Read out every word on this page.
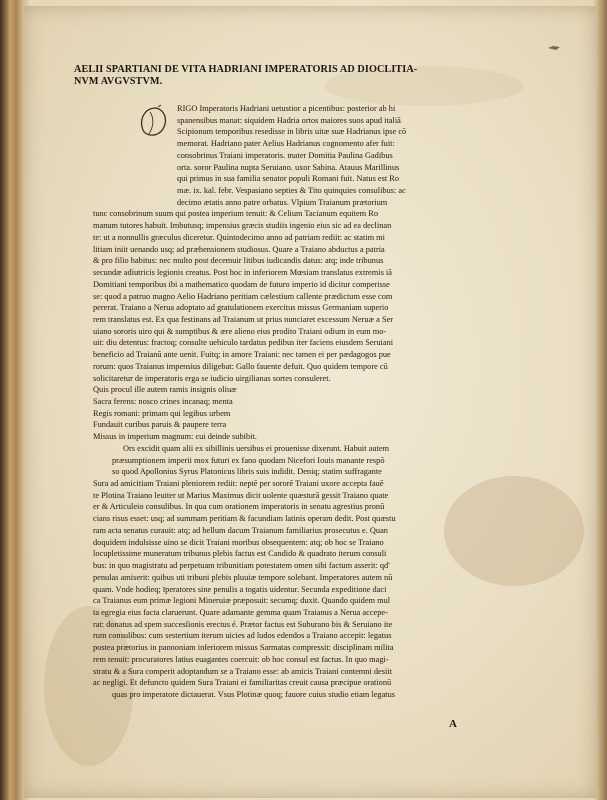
AELII SPARTIANI DE VITA HADRIANI IMPERATORIS AD DIOCLITIA-
NVM AVGVSTVM.
RIGO Imperatoris Hadriani uetustior a picentibus: posterior ab hi
spanensibus manat: siquidem Hadria ortos maiores suos apud italiā
Scipionum temporibus resedisse in libris uitæ suæ Hadrianus ipse cō
memorat. Hadriano pater Aelius Hadrianus cognomento afer fuit:
consobrinus Traiani imperatoris. mater Domitia Paulina Gadibus
orta. soror Paulina nupta Seruiano. uxor Sabina. Atauus Marillinus
qui primus in sua familia senator populi Romani fuit. Natus est Ro
mæ. ix. kal. febr. Vespasiano septies & Tito quinquies consulibus: ac
decimo ætatis anno patre orbatus. Vlpium Traianum prætorium
tunc consobrinum suum qui postea imperium tenuit: & Celium Tacianum equitem Ro
manum tutores habuit. Imbutusq; impensius græcis studiis ingenio eius sic ad ea declinan
te: ut a nonnullis græculus diceretur. Quintodecimo anno ad patriam rediit: ac statim mi
litiam iniit uenando usq; ad præhensionem studiosus. Quare a Traiano abductus a patria
& pro filio habitus: nec multo post decemuir litibus iudicandis datus: atq; inde tribunus
secundæ adiutricis legionis creatus. Post hoc in inferiorem Mœsiam translatus extremis iā
Domitiani temporibus ibi a mathematico quodam de futuro imperio id dicitur comperisse
se: quod a patruo magno Aelio Hadriano peritiam cælestium callente prædictum esse com
pererat. Traiano a Nerua adoptato ad gratulationem exercitus missus Germaniam superio
rem translatus est. Ex qua festinans ad Traianum ut prius nunciaret excessum Neruæ a Ser
uiano sororis uiro qui & sumptibus & ære alieno eius prodito Traiani odium in eum mo-
uit: diu detentus: fractoq; consulte uehiculo tardatus pedibus iter faciens eiusdem Seruiani
beneficio ad Traianū ante uenit. Fuitq; in amore Traiani: nec tamen ei per pædagogos pue
rorum: quos Traianus impensius diligebat: Gallo fauente defuit. Quo quidem tempore cū
solicitaretur de imperatoris erga se iudicio uirgilianas sortes consuleret.
Quis procul ille autem ramis insignis oliuæ
Sacra ferens: nosco crines incanaq; menta
Regis romani: primam qui legibus urbem
Fundauit curibus paruis & paupere terra
Missus in imperium magnum: cui deinde subibit.
Ors excidit quam alii ex sibillinis uersibus ei prouenisse dixerunt. Habuit autem
præsumptionem imperii mox futuri ex fano quodam Nicefori Iouis manante respō
so quod Apollonius Syrus Platonicus libris suis indidit. Deniq; statim suffragante
Sura ad amicitiam Traiani pleniorem rediit: neptē per sororē Traiani uxore accepta fauē
te Plotina Traiano leuiter ut Marius Maximus dicit uolente quæsturā gessit Traiano quate
er & Articuleio consulibus. In qua cum orationem imperatoris in senatu agrestius pronū
cians risus esset: usq; ad summam peritiam & facundiam latinis operam dedit. Post quæstu
ram acta senatus curauit: atq; ad bellum dacum Traianum familiarius prosecutus e. Quan
doquidem indulsisse uino se dicit Traiani moribus obsequentem: atq; ob hoc se Traiano
locupletissime muneratum tribunus plebis factus est Candido & quadrato iterum consuli
bus: in quo magistratu ad perpetuam tribunitiam potestatem omen sibi factum asserit: qd'
penulas amiserit: quibus uti tribuni plebis pluuiæ tempore solebant. Imperatores autem nū
quam. Vnde hodieq; īperatores sine penulis a togatis uidentur. Secunda expeditione daci
ca Traianus eum primæ legioni Mineruiæ præposuit: secumq; duxit. Quando quidem mul
ta egregia eius facta claruerunt. Quare adamante gemma quam Traianus a Nerua accepe-
rat: donatus ad spem succesſionis erectus é. Prætor factus est Suburano bis & Seruiano ite
rum consulibus: cum sestertium iterum uicies ad ludos edendos a Traiano accepit: legatus
postea prætorius in pannoniam inferiorem missus Sarmatas compressit: disciplinam milita
rem tenuit: procuratores latius euagantes coercuit: ob hoc consul est factus. In quo magi-
stratu & a Sura comperit adoptandum se a Traiano esse: ab amicis Traiani contemni desiit
ac negligi. Et defuncto quidem Sura Traiani ei familiaritas creuit causa præcipue orationū
quas pro imperatore dictauerat. Vsus Plotinæ quoq; fauore cuius studio etiam legatus
A
